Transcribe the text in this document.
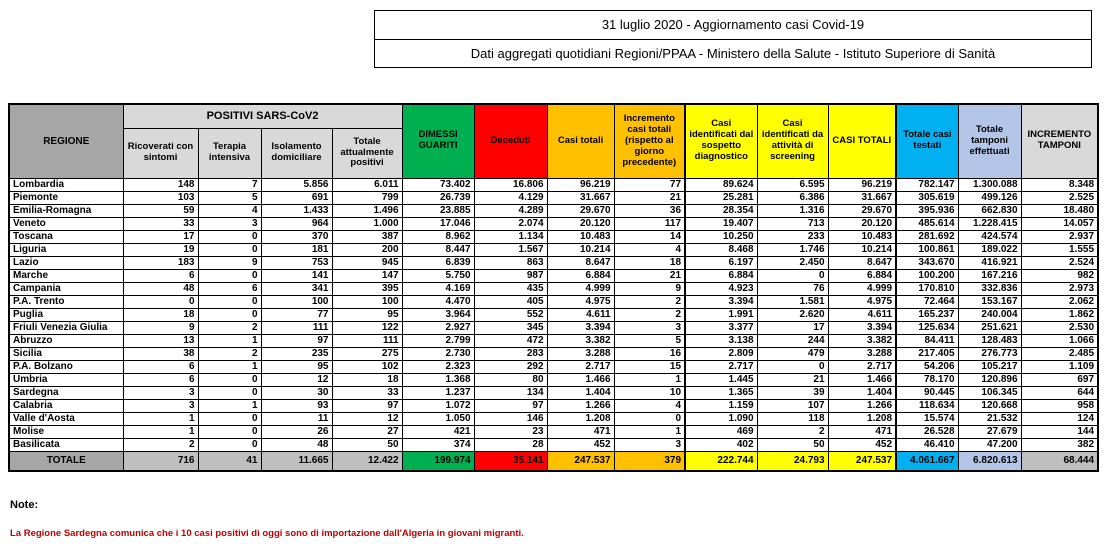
31 luglio 2020 - Aggiornamento casi Covid-19
Dati aggregati quotidiani Regioni/PPAA - Ministero della Salute - Istituto Superiore di Sanità
REGIONE	POSITIVI SARS-CoV2				DIMESSI GUARITI	Deceduti	Casi totali	Incremento casi totali (rispetto al giorno precedente)	Casi identificati dal sospetto diagnostico	Casi identificati da attività di screening	CASI TOTALI	Totale casi testati	Totale tamponi effettuati	INCREMENTO TAMPONI
	Ricoverati con sintomi	Terapia intensiva	Isolamento domiciliare	Totale attualmente positivi										
Lombardia	148	7	5.856	6.011	73.402	16.806	96.219	77	89.624	6.595	96.219	782.147	1.300.088	8.348
Piemonte	103	5	691	799	26.739	4.129	31.667	21	25.281	6.386	31.667	305.619	499.126	2.525
Emilia-Romagna	59	4	1.433	1.496	23.885	4.289	29.670	36	28.354	1.316	29.670	395.936	662.830	18.480
Veneto	33	3	964	1.000	17.046	2.074	20.120	117	19.407	713	20.120	485.614	1.228.415	14.057
Toscana	17	0	370	387	8.962	1.134	10.483	14	10.250	233	10.483	281.692	424.574	2.937
Liguria	19	0	181	200	8.447	1.567	10.214	4	8.468	1.746	10.214	100.861	189.022	1.555
Lazio	183	9	753	945	6.839	863	8.647	18	6.197	2.450	8.647	343.670	416.921	2.524
Marche	6	0	141	147	5.750	987	6.884	21	6.884	0	6.884	100.200	167.216	982
Campania	48	6	341	395	4.169	435	4.999	9	4.923	76	4.999	170.810	332.836	2.973
P.A. Trento	0	0	100	100	4.470	405	4.975	2	3.394	1.581	4.975	72.464	153.167	2.062
Puglia	18	0	77	95	3.964	552	4.611	2	1.991	2.620	4.611	165.237	240.004	1.862
Friuli Venezia Giulia	9	2	111	122	2.927	345	3.394	3	3.377	17	3.394	125.634	251.621	2.530
Abruzzo	13	1	97	111	2.799	472	3.382	5	3.138	244	3.382	84.411	128.483	1.066
Sicilia	38	2	235	275	2.730	283	3.288	16	2.809	479	3.288	217.405	276.773	2.485
P.A. Bolzano	6	1	95	102	2.323	292	2.717	15	2.717	0	2.717	54.206	105.217	1.109
Umbria	6	0	12	18	1.368	80	1.466	1	1.445	21	1.466	78.170	120.896	697
Sardegna	3	0	30	33	1.237	134	1.404	10	1.365	39	1.404	90.445	106.345	644
Calabria	3	1	93	97	1.072	97	1.266	4	1.159	107	1.266	118.634	120.668	958
Valle d'Aosta	1	0	11	12	1.050	146	1.208	0	1.090	118	1.208	15.574	21.532	124
Molise	1	0	26	27	421	23	471	1	469	2	471	26.528	27.679	144
Basilicata	2	0	48	50	374	28	452	3	402	50	452	46.410	47.200	382
TOTALE	716	41	11.665	12.422	199.974	35.141	247.537	379	222.744	24.793	247.537	4.061.667	6.820.613	68.444
Note:
La Regione Sardegna comunica che i 10 casi positivi di oggi sono di importazione dall'Algeria in giovani migranti.
